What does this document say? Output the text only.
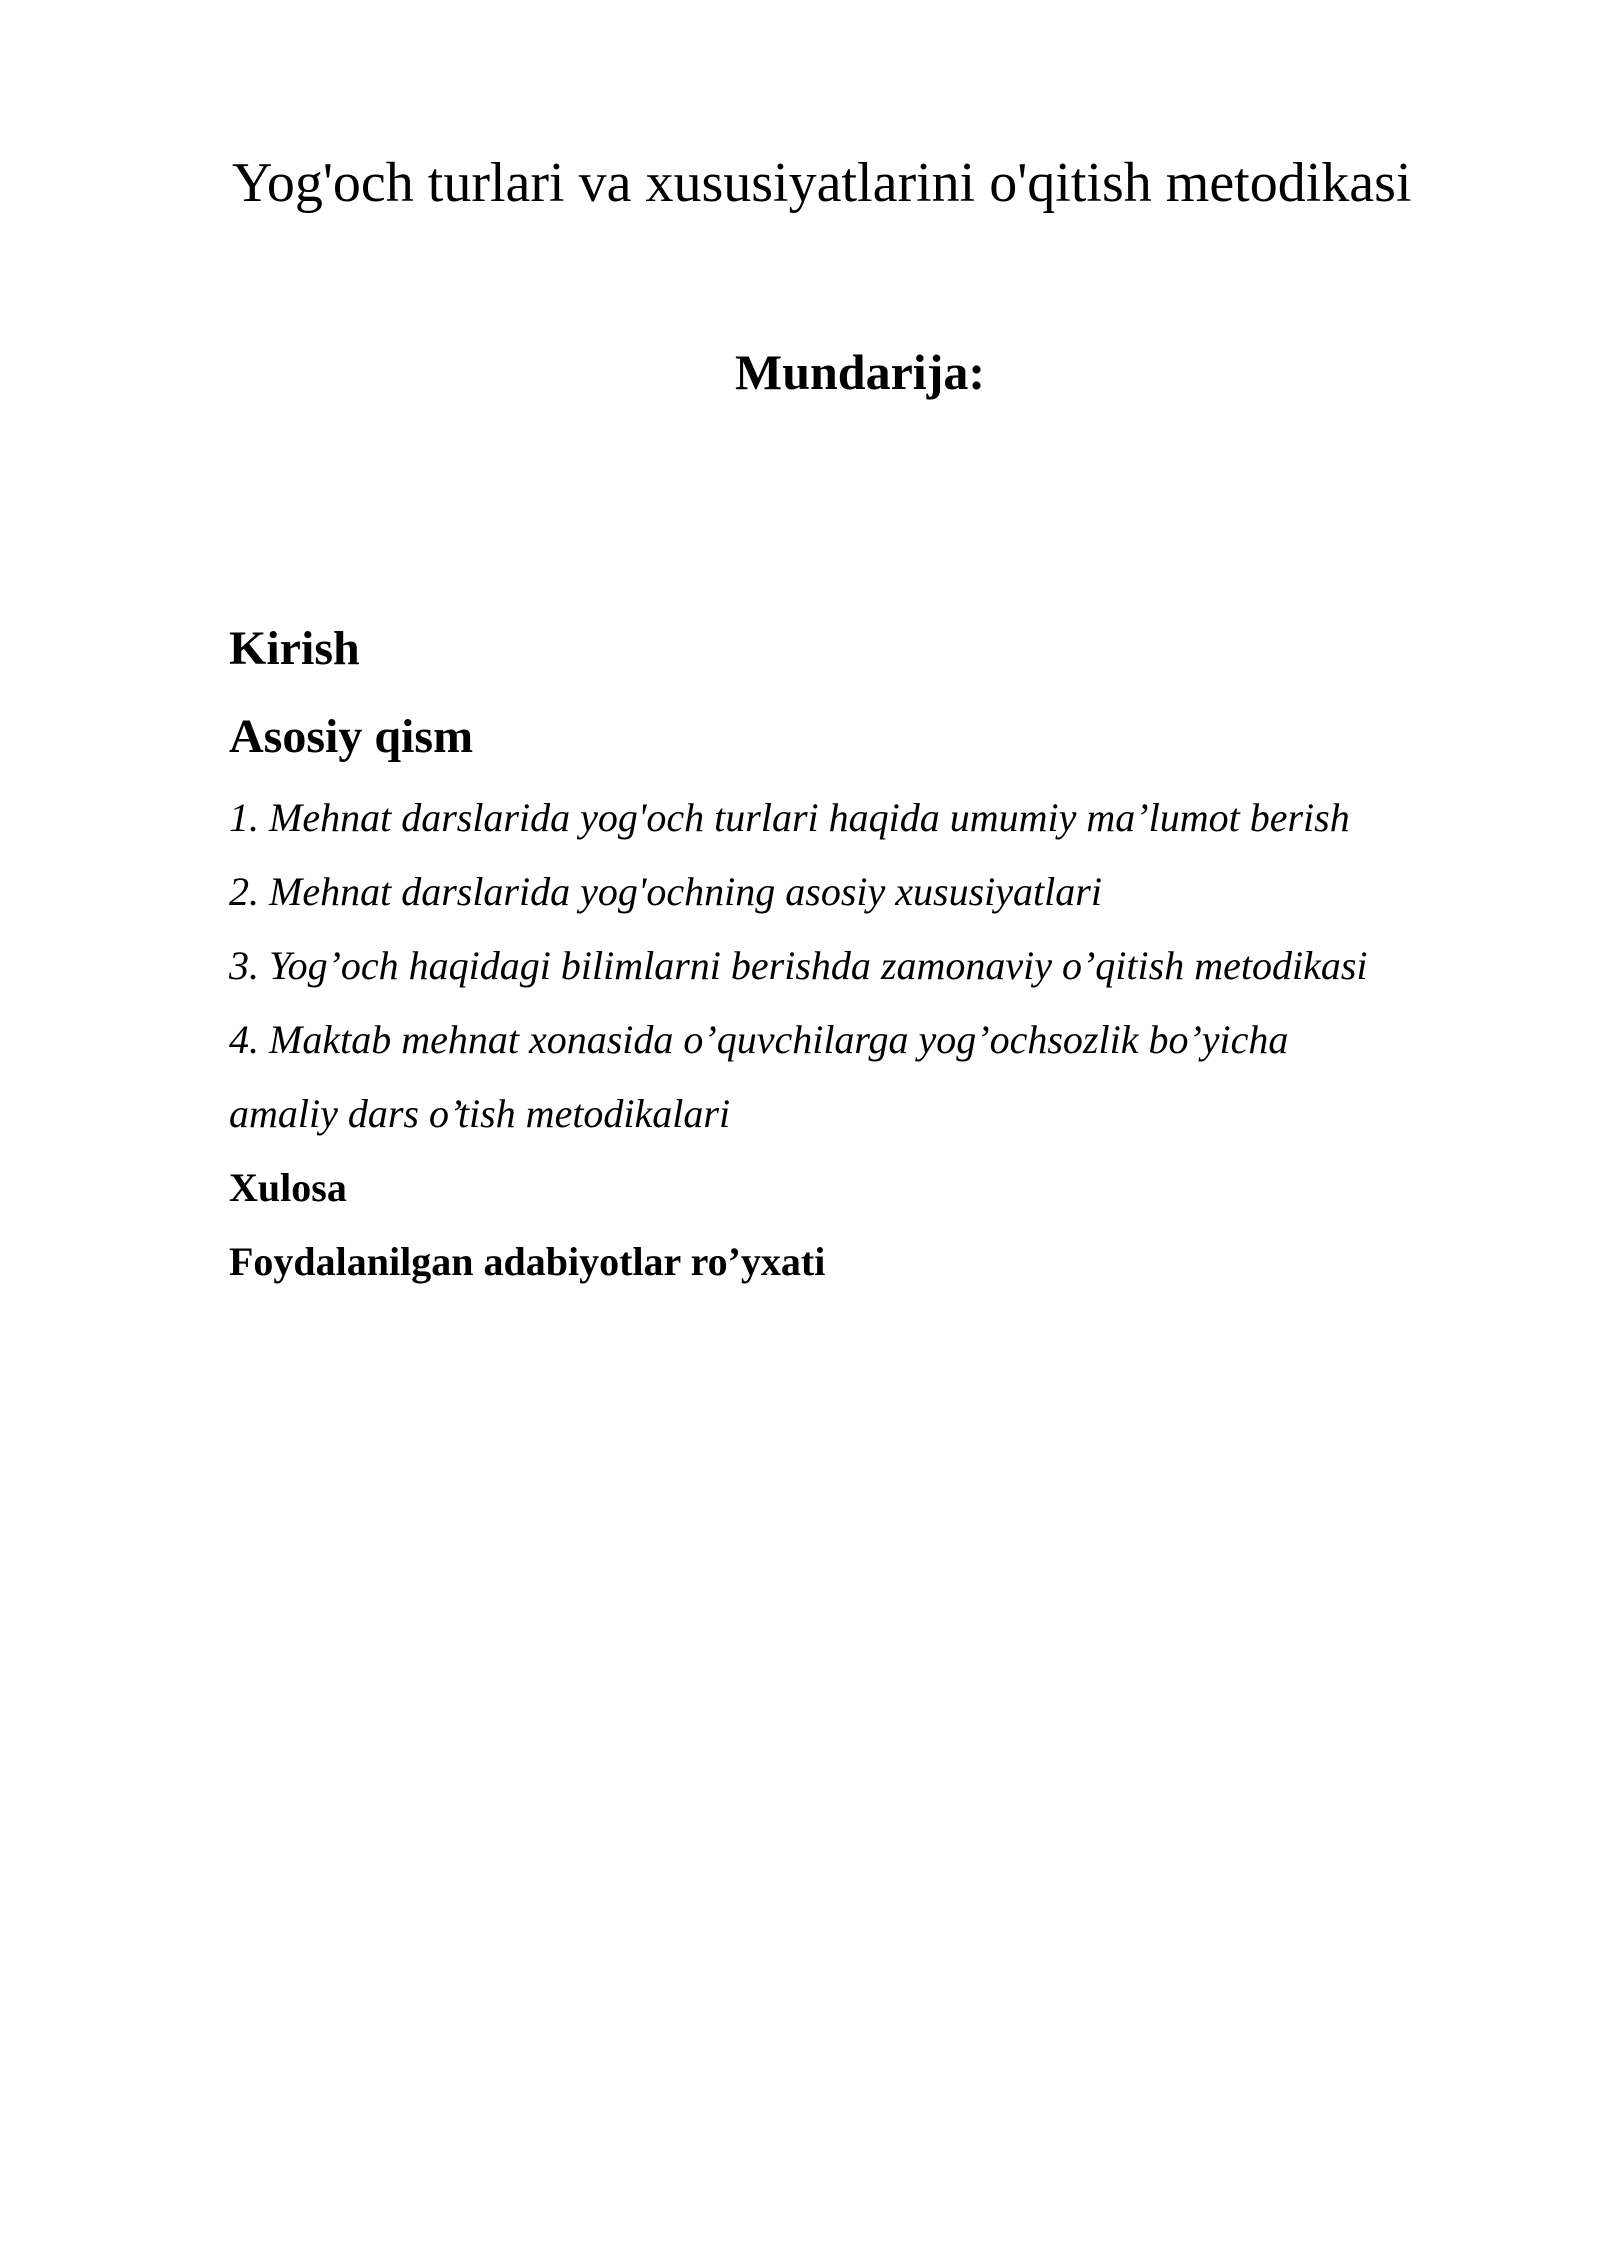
Yog'och turlari va xususiyatlarini o'qitish metodikasi
Mundarija:
Kirish
Asosiy qism
1. Mehnat darslarida yog'och turlari haqida umumiy ma’lumot berish
2. Mehnat darslarida yog'ochning asosiy xususiyatlari
3. Yog’och haqidagi bilimlarni berishda zamonaviy o’qitish metodikasi
4. Maktab mehnat xonasida o’quvchilarga yog’ochsozlik bo’yicha
amaliy dars o’tish metodikalari
Xulosa
Foydalanilgan adabiyotlar ro’yxati
